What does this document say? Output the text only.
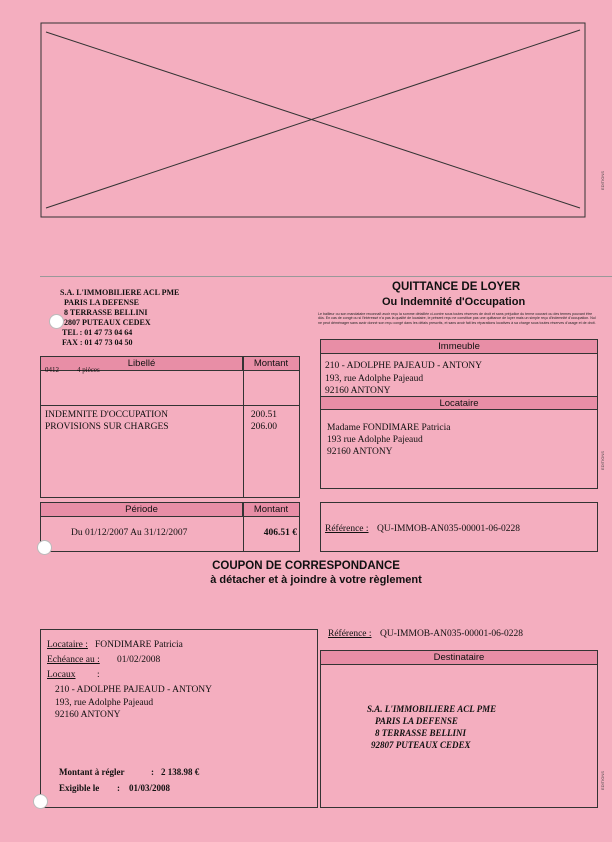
EDITIONS
S.A. L'IMMOBILIERE ACL PME
PARIS LA DEFENSE
8 TERRASSE BELLINI
2807 PUTEAUX CEDEX
TEL : 01 47 73 04 64
FAX : 01 47 73 04 50
QUITTANCE DE LOYER
Ou Indemnité d'Occupation
Le bailleur ou son mandataire reconnaît avoir reçu la somme détaillée ci-contre sous toutes réserves de droit et sans préjudice du terme courant ou des termes pouvant être dûs. En cas de congé ou si l'intéressé n'a pas la qualité de locataire, le présent reçu ne constitue pas une quittance de loyer mais un simple reçu d'indemnité d'occupation. Nul ne peut déménager sans avoir donné son reçu congé dans les délais prescrits, et sans avoir fait les réparations locatives à sa charge sous toutes réserves d'usage et de droit.
Libellé	Montant
0412	4 pièces
INDEMNITE D'OCCUPATION	200.51
PROVISIONS SUR CHARGES	206.00
Immeuble
210 - ADOLPHE PAJEAUD - ANTONY
193, rue Adolphe Pajeaud
92160 ANTONY
Locataire
Madame FONDIMARE Patricia
193 rue Adolphe Pajeaud
92160 ANTONY	EDITIONS
Période	Montant
Du 01/12/2007 Au 31/12/2007	406.51 €	Référence : QU-IMMOB-AN035-00001-06-0228
COUPON DE CORRESPONDANCE
à détacher et à joindre à votre règlement
Locataire : FONDIMARE Patricia
Echéance au : 01/02/2008
Locaux :
210 - ADOLPHE PAJEAUD - ANTONY
193, rue Adolphe Pajeaud
92160 ANTONY
Montant à régler	: 2 138.98 €
Exigible le : 01/03/2008
Référence : QU-IMMOB-AN035-00001-06-0228
Destinataire
S.A. L'IMMOBILIERE ACL PME
PARIS LA DEFENSE
8 TERRASSE BELLINI
92807 PUTEAUX CEDEX
EDITIONS
